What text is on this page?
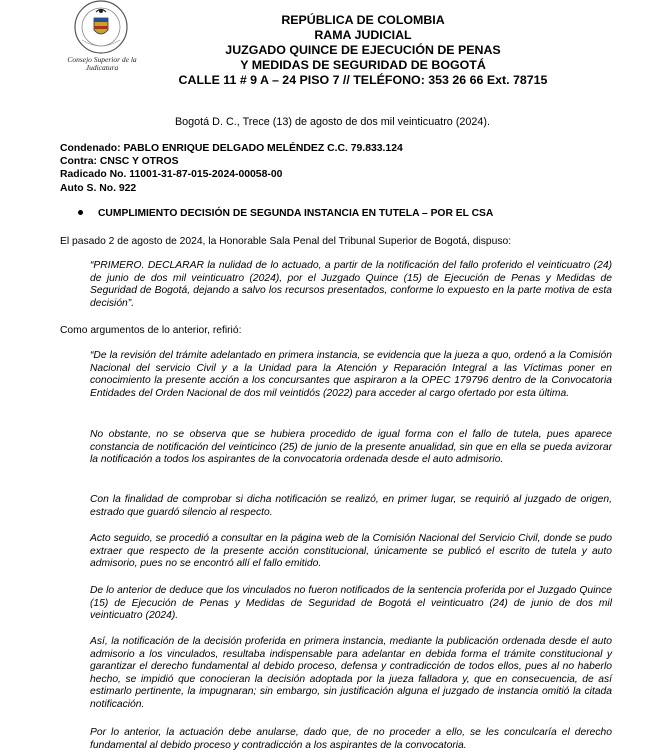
Consejo Superior de la Judicatura
REPÚBLICA DE COLOMBIA
RAMA JUDICIAL
JUZGADO QUINCE DE EJECUCIÓN DE PENAS
Y MEDIDAS DE SEGURIDAD DE BOGOTÁ
CALLE 11 # 9 A – 24 PISO 7 // TELÉFONO: 353 26 66 Ext. 78715
Bogotá D. C., Trece (13) de agosto de dos mil veinticuatro (2024).
Condenado: PABLO ENRIQUE DELGADO MELÉNDEZ C.C. 79.833.124
Contra: CNSC Y OTROS
Radicado No. 11001-31-87-015-2024-00058-00
Auto S. No. 922
CUMPLIMIENTO DECISIÓN DE SEGUNDA INSTANCIA EN TUTELA – POR EL CSA
El pasado 2 de agosto de 2024, la Honorable Sala Penal del Tribunal Superior de Bogotá, dispuso:
“PRIMERO. DECLARAR la nulidad de lo actuado, a partir de la notificación del fallo proferido el veinticuatro (24) de junio de dos mil veinticuatro (2024), por el Juzgado Quince (15) de Ejecución de Penas y Medidas de Seguridad de Bogotá, dejando a salvo los recursos presentados, conforme lo expuesto en la parte motiva de esta decisión”.
Como argumentos de lo anterior, refirió:
“De la revisión del trámite adelantado en primera instancia, se evidencia que la jueza a quo, ordenó a la Comisión Nacional del servicio Civil y a la Unidad para la Atención y Reparación Integral a las Víctimas poner en conocimiento la presente acción a los concursantes que aspiraron a la OPEC 179796 dentro de la Convocatoria Entidades del Orden Nacional de dos mil veintidós (2022) para acceder al cargo ofertado por esta última.
No obstante, no se observa que se hubiera procedido de igual forma con el fallo de tutela, pues aparece constancia de notificación del veinticinco (25) de junio de la presente anualidad, sin que en ella se pueda avizorar la notificación a todos los aspirantes de la convocatoria ordenada desde el auto admisorio.
Con la finalidad de comprobar si dicha notificación se realizó, en primer lugar, se requirió al juzgado de origen, estrado que guardó silencio al respecto.
Acto seguido, se procedió a consultar en la página web de la Comisión Nacional del Servicio Civil, donde se pudo extraer que respecto de la presente acción constitucional, únicamente se publicó el escrito de tutela y auto admisorio, pues no se encontró allí el fallo emitido.
De lo anterior de deduce que los vinculados no fueron notificados de la sentencia proferida por el Juzgado Quince (15) de Ejecución de Penas y Medidas de Seguridad de Bogotá el veinticuatro (24) de junio de dos mil veinticuatro (2024).
Así, la notificación de la decisión proferida en primera instancia, mediante la publicación ordenada desde el auto admisorio a los vinculados, resultaba indispensable para adelantar en debida forma el trámite constitucional y garantizar el derecho fundamental al debido proceso, defensa y contradicción de todos ellos, pues al no haberlo hecho, se impidió que conocieran la decisión adoptada por la jueza falladora y, que en consecuencia, de así estimarlo pertinente, la impugnaran; sin embargo, sin justificación alguna el juzgado de instancia omitió la citada notificación.
Por lo anterior, la actuación debe anularse, dado que, de no proceder a ello, se les conculcaría el derecho fundamental al debido proceso y contradicción a los aspirantes de la convocatoria.
